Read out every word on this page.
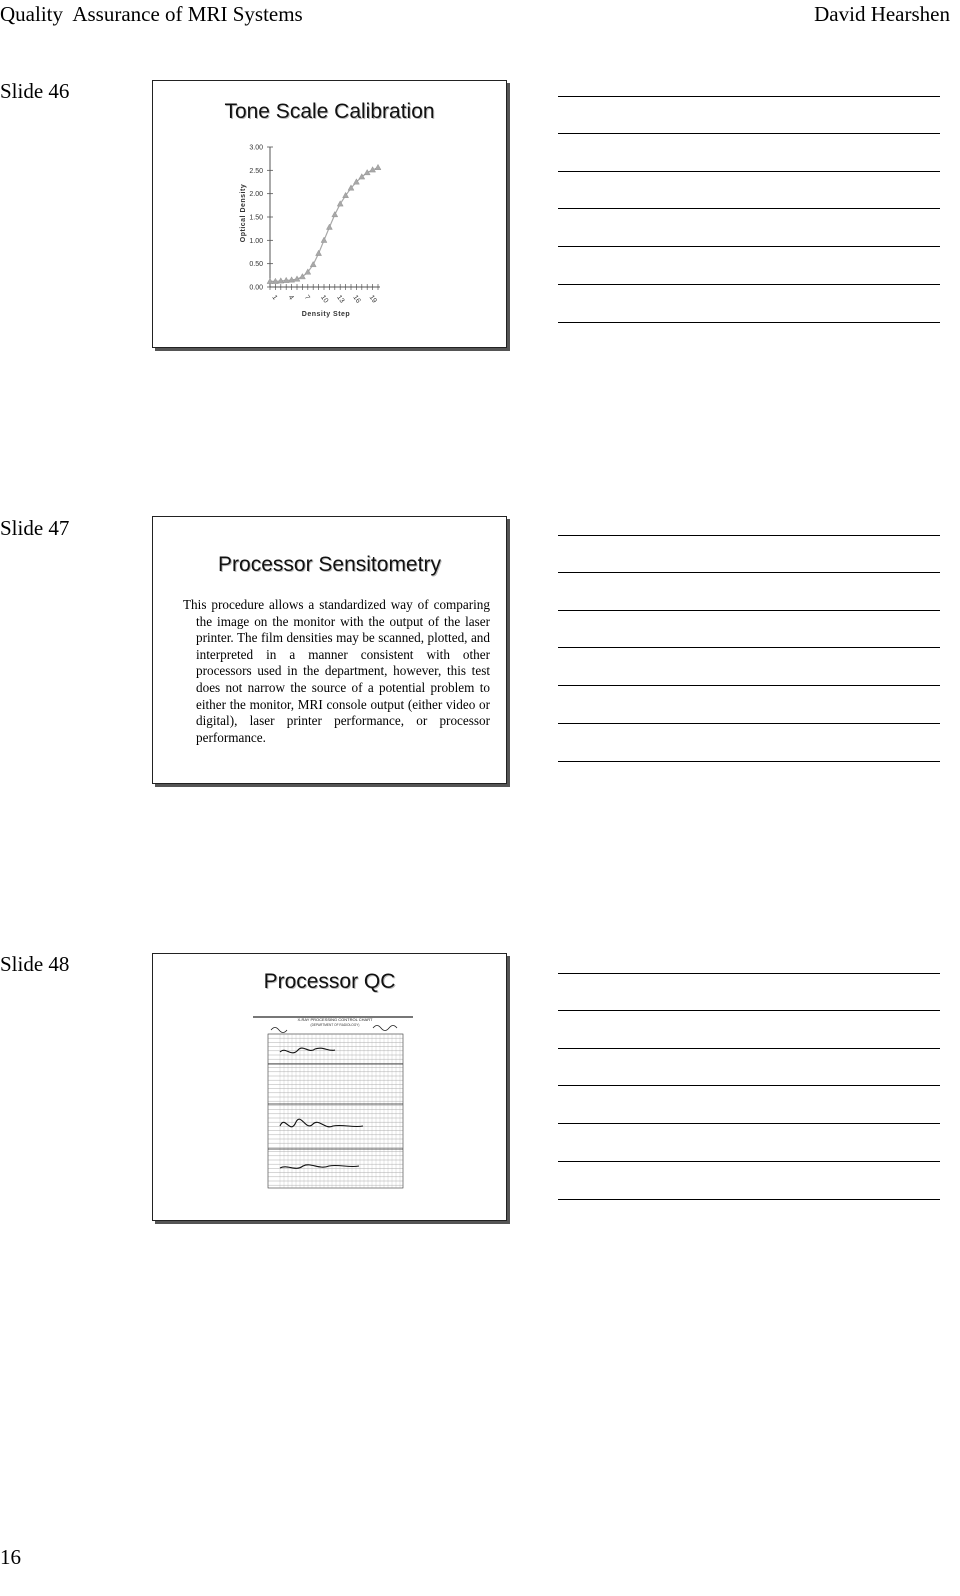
Quality  Assurance of MRI Systems	David Hearshen
Slide 46
Tone Scale Calibration
3.00
2.50
2.00
1.50
1.00
0.50
0.00
1 4 7 10 13 16 19
Density Step
Optical Density
Slide 47
Processor Sensitometry
This procedure allows a standardized way of comparing the image on the monitor with the output of the laser printer. The film densities may be scanned, plotted, and interpreted in a manner consistent with other processors used in the department, however, this test does not narrow the source of a potential problem to either the monitor, MRI console output (either video or digital), laser printer performance, or processor performance.
Slide 48
Processor QC
X-RAY PROCESSING CONTROL CHART
(DEPARTMENT OF RADIOLOGY)
16
